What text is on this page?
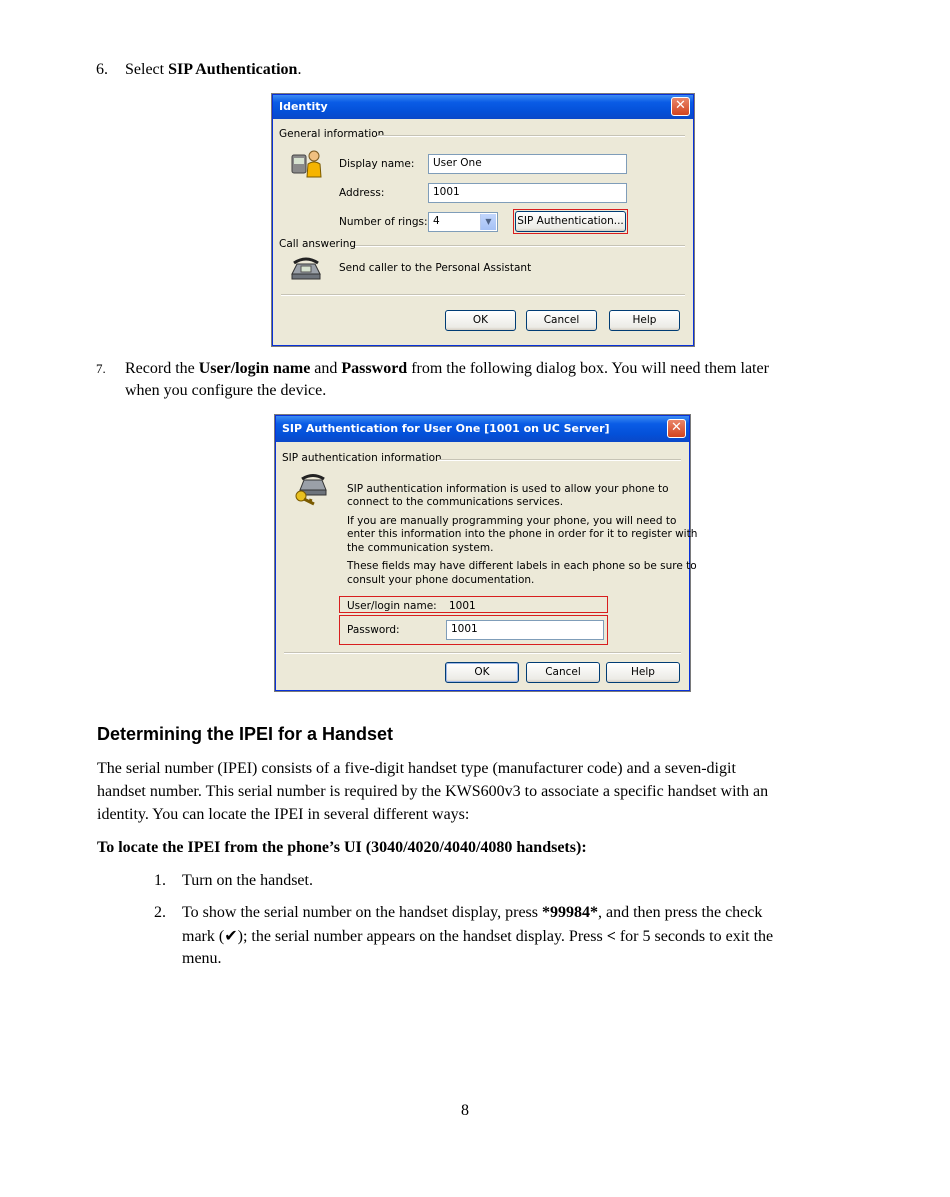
6. Select SIP Authentication.
Identity	✕
General information
Display name:	User One
Address:	1001
Number of rings: 4	▼	SIP Authentication...
Call answering
Send caller to the Personal Assistant
OK	Cancel	Help
7. Record the User/login name and Password from the following dialog box. You will need them later
when you configure the device.
SIP Authentication for User One [1001 on UC Server]	✕
SIP authentication information
SIP authentication information is used to allow your phone to
connect to the communications services.
If you are manually programming your phone, you will need to
enter this information into the phone in order for it to register with
the communication system.
These fields may have different labels in each phone so be sure to
consult your phone documentation.
User/login name: 1001
Password:	1001
OK	Cancel	Help
Determining the IPEI for a Handset
The serial number (IPEI) consists of a five-digit handset type (manufacturer code) and a seven-digit
handset number. This serial number is required by the KWS600v3 to associate a specific handset with an
identity. You can locate the IPEI in several different ways:
To locate the IPEI from the phone’s UI (3040/4020/4040/4080 handsets):
1. Turn on the handset.
2. To show the serial number on the handset display, press *99984*, and then press the check
mark (✔); the serial number appears on the handset display. Press < for 5 seconds to exit the
menu.
8
